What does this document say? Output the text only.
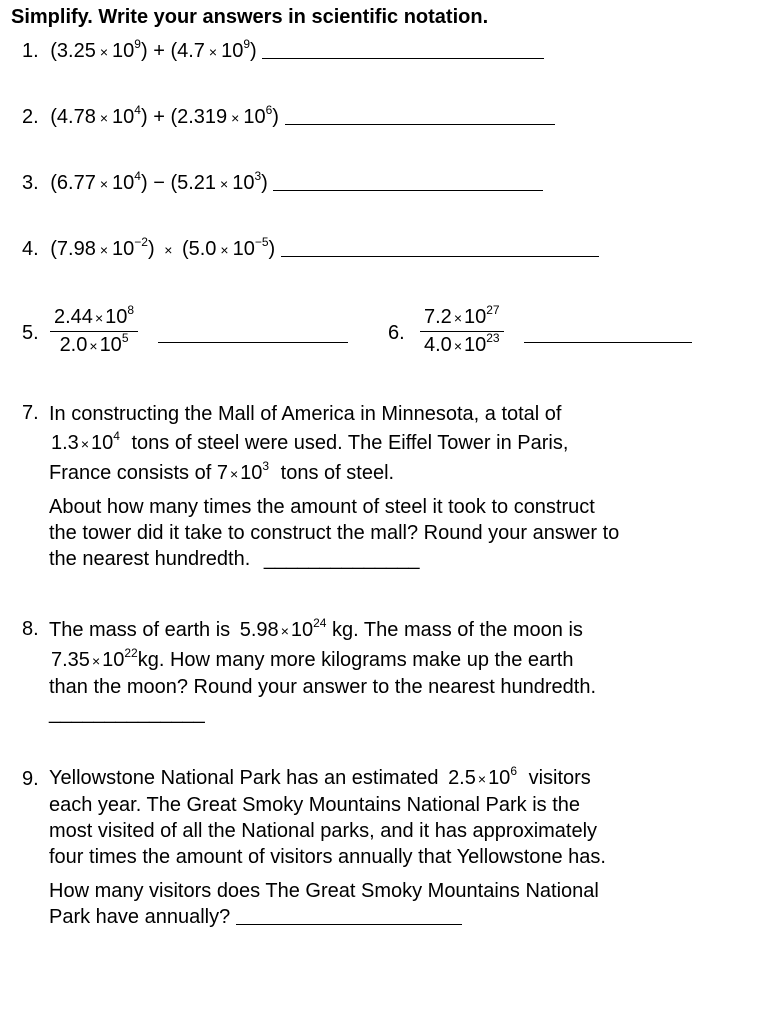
Simplify. Write your answers in scientific notation.
1. $(3.25 \times 10^9) + (4.7 \times 10^9)$
2. $(4.78 \times 10^4) + (2.319 \times 10^6)$
3. $(6.77 \times 10^4) - (5.21 \times 10^3)$
4. $(7.98 \times 10^{-2}) \times (5.0 \times 10^{-5})$
5.
$2.44 \times 10^8$
$2.0 \times 10^5$	6.
$7.2 \times 10^{27}$
$4.0 \times 10^{23}$
7. In constructing the Mall of America in Minnesota, a total of
$1.3 \times 10^4$ tons of steel were used. The Eiffel Tower in Paris,
France consists of $7 \times 10^3$ tons of steel.
About how many times the amount of steel it took to construct
the tower did it take to construct the mall? Round your answer to
the nearest hundredth. ______________
8. The mass of earth is $5.98 \times 10^{24}$ kg. The mass of the moon is
$7.35 \times 10^{22}kg$. How many more kilograms make up the earth
than the moon? Round your answer to the nearest hundredth.
______________
9. Yellowstone National Park has an estimated $2.5 \times 10^6$ visitors
each year. The Great Smoky Mountains National Park is the
most visited of all the National parks, and it has approximately
four times the amount of visitors annually that Yellowstone has.
How many visitors does The Great Smoky Mountains National
Park have annually?
